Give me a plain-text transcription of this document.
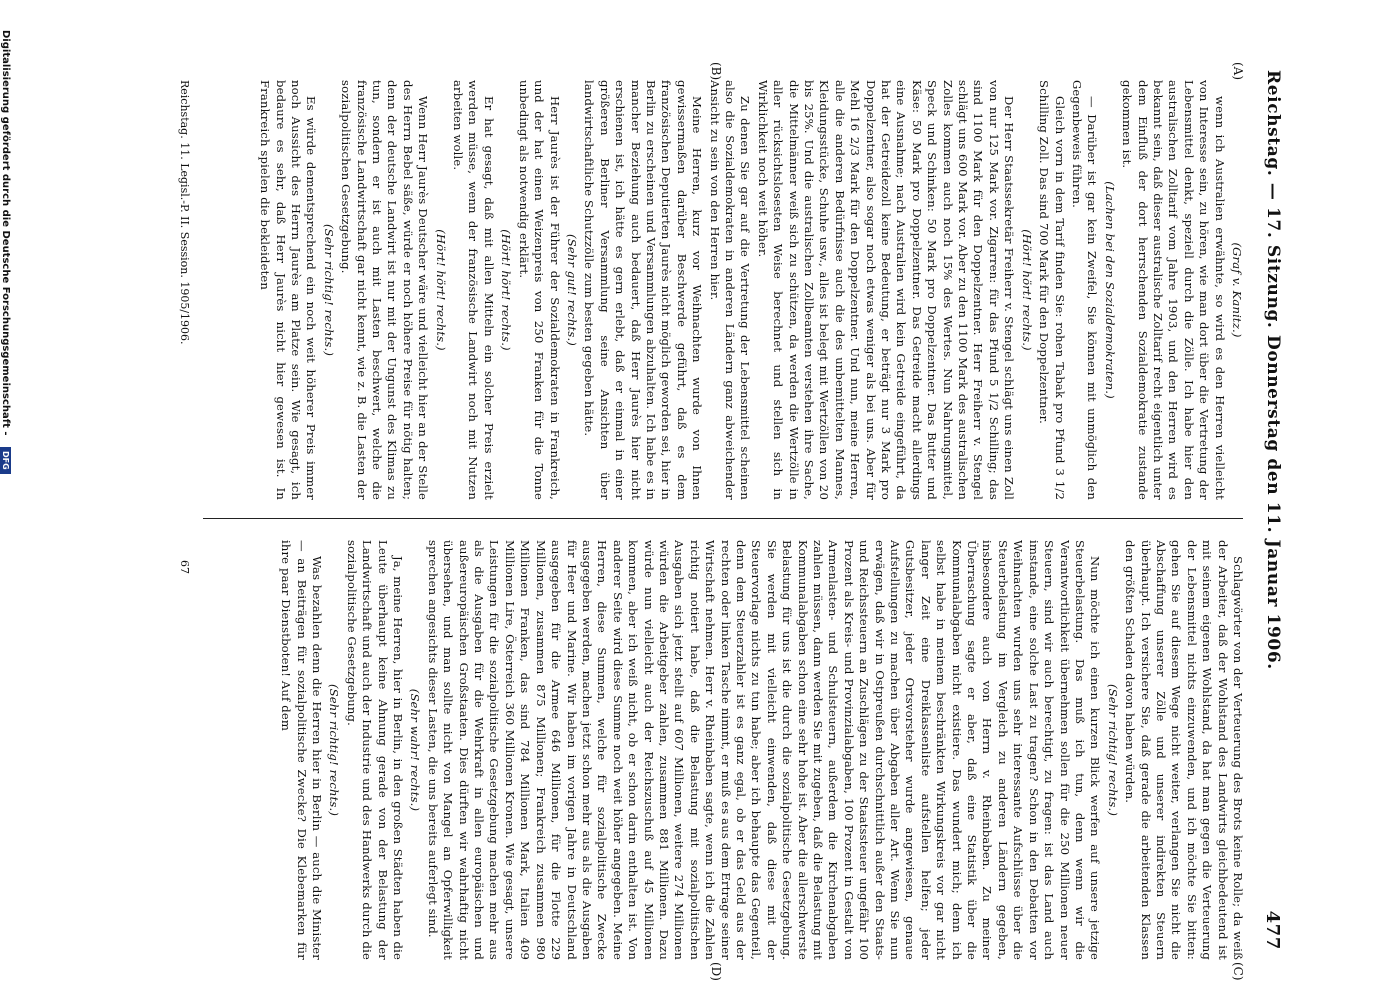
Reichstag. — 17. Sitzung. Donnerstag den 11. Januar 1906.
477
(A)
(B)
(C)
(D)

(Graf v. Kanitz.)

wenn ich Australien erwähnte, so wird es den Herren vielleicht von Interesse sein, zu hören, wie man dort über die Vertretung der Lebensmittel denkt, speziell durch die Zölle. Ich habe hier den australischen Zolltarif vom Jahre 1903, und den Herren wird es bekannt sein, daß dieser australische Zolltarif recht eigentlich unter dem Einfluß der dort herrschenden Sozialdemokratie zustande gekommen ist.

(Lachen bei den Sozialdemokraten.)

— Darüber ist gar kein Zweifel, Sie können mit unmöglich den Gegenbeweis führen.

Gleich vorn in dem Tarif finden Sie: rohen Tabak pro Pfund 3 1/2 Schilling Zoll. Das sind 700 Mark für den Doppelzentner.

(Hört! hört! rechts.)

Der Herr Staatssekretär Freiherr v. Stengel schlägt uns einen Zoll von nur 125 Mark vor. Zigarren: für das Pfund 5 1/2 Schilling; das sind 1100 Mark für den Doppelzentner. Herr Freiherr v. Stengel schlägt uns 600 Mark vor. Aber zu den 1100 Mark des australischen Zolles kommen auch noch 15% des Wertes. Nun Nahrungsmittel, Speck und Schinken: 50 Mark pro Doppelzentner. Das Butter und Käse: 50 Mark pro Doppelzentner. Das Getreide macht allerdings eine Ausnahme; nach Australien wird kein Getreide eingeführt, da hat der Getreidezoll keine Bedeutung, er beträgt nur 3 Mark pro Doppelzentner, also sogar noch etwas weniger als bei uns. Aber für Mehl 16 2/3 Mark für den Doppelzentner. Und nun, meine Herren, alle die anderen Bedürfnisse auch die des unbemittelten Mannes, Kleidungsstücke, Schuhe usw., alles ist belegt mit Wertzöllen von 20 bis 25%. Und die australischen Zollbeamten verstehen ihre Sache, die Mittelmänner weiß sich zu schützen, da werden die Wertzölle in aller rücksichtslosesten Weise berechnet und stellen sich in Wirklichkeit noch weit höher.

Zu denen Sie gar auf die Vertretung der Lebensmittel scheinen also die Sozialdemokraten in anderen Ländern ganz abweichender Ansicht zu sein von den Herren hier.

Meine Herren, kurz vor Weihnachten wurde von Ihnen gewissermaßen darüber Beschwerde geführt, daß es dem französischen Deputierten Jaurès nicht möglich geworden sei, hier in Berlin zu erscheinen und Versammlungen abzuhalten. Ich habe es in mancher Beziehung auch bedauert, daß Herr Jaurès hier nicht erschienen ist, ich hätte es gern erlebt, daß er einmal in einer größeren Berliner Versammlung seine Ansichten über landwirtschaftliche Schutzzölle zum besten gegeben hätte.

(Sehr gut! rechts.)

Herr Jaurès ist der Führer der Sozialdemokraten in Frankreich, und der hat einen Weizenpreis von 250 Franken für die Tonne unbedingt als notwendig erklärt.

(Hört! hört! rechts.)

Er hat gesagt, daß mit allen Mitteln ein solcher Preis erzielt werden müsse, wenn der französische Landwirt noch mit Nutzen arbeiten wolle.

(Hört! hört! rechts.)

Wenn Herr Jaurès Deutscher wäre und vielleicht hier an der Stelle des Herrn Bebel säße, würde er noch höhere Preise für nötig halten; denn der deutsche Landwirt ist nur mit der Ungunst des Klimas zu tun, sondern er ist auch mit Lasten beschwert, welche die französische Landwirtschaft gar nicht kennt, wie z. B. die Lasten der sozialpolitischen Gesetzgebung.

(Sehr richtig! rechts.)

Es würde dementsprechend ein noch weit höherer Preis immer noch Aussicht des Herrn Jaurès am Platze sein. Wie gesagt, ich bedaure es sehr, daß Herr Jaurès nicht hier gewesen ist. In Frankreich spielen die bekleideten

Schlagwörter von der Verteuerung des Brots keine Rolle; da weiß der Arbeiter, daß der Wohlstand des Landwirts gleichbedeutend ist mit seinem eigenen Wohlstand, da hat man gegen die Verteuerung der Lebensmittel nichts einzuwenden, und ich möchte Sie bitten: gehen Sie auf diesem Wege nicht weiter, verlangen Sie nicht die Abschaffung unserer Zölle und unserer indirekten Steuern überhaupt. Ich versichere Sie, daß gerade die arbeitenden Klassen den größten Schaden davon haben würden.

(Sehr richtig! rechts.)

Nun möchte ich einen kurzen Blick werfen auf unsere jetzige Steuerbelastung. Das muß ich tun, denn wenn wir die Verantwortlichkeit übernehmen sollen für die 250 Millionen neuer Steuern, sind wir auch berechtigt, zu fragen: ist das Land auch imstande, eine solche Last zu tragen? Schon in den Debatten vor Weihnachten wurden uns sehr interessante Aufschlüsse über die Steuerbelastung im Vergleich zu anderen Ländern gegeben, insbesondere auch von Herrn v. Rheinbaben. Zu meiner Überraschung sagte er aber, daß eine Statistik über die Kommunalabgaben nicht existiere. Das wundert mich; denn ich selbst habe in meinem beschränkten Wirkungskreis vor gar nicht langer Zeit eine Dreiklassenliste aufstellen helfen; jeder Gutsbesitzer, jeder Ortsvorsteher wurde angewiesen, genaue Aufstellungen zu machen über Abgaben aller Art. Wenn Sie nun erwägen, daß wir in Ostpreußen durchschnittlich außer den Staats- und Reichssteuern an Zuschlägen zu der Staatssteuer ungefähr 100 Prozent als Kreis- und Provinzialabgaben, 100 Prozent in Gestalt von Armenlasten- und Schulsteuern, außerdem die Kirchenabgaben zahlen müssen, dann werden Sie mit zugeben, daß die Belastung mit Kommunalabgaben schon eine sehr hohe ist. Aber die allerschwerste Belastung für uns ist die durch die sozialpolitische Gesetzgebung. Sie werden mit vielleicht einwenden, daß diese mit der Steuervorlage nichts zu tun habe; aber ich behaupte das Gegenteil, denn dem Steuerzahler ist es ganz egal, ob er das Geld aus der rechten oder linken Tasche nimmt, er muß es aus dem Ertrage seiner Wirtschaft nehmen. Herr v. Rheinbaben sagte, wenn ich die Zahlen richtig notiert habe, daß die Belastung mit sozialpolitischen Ausgaben sich jetzt stellt auf 607 Millionen, weitere 274 Millionen würden die Arbeitgeber zahlen, zusammen 881 Millionen. Dazu würde nun vielleicht auch der Reichszuschuß auf 45 Millionen kommen, aber ich weiß nicht, ob er schon darin enthalten ist. Von anderer Seite wird diese Summe noch weit höher angegeben. Meine Herren, diese Summen, welche für sozialpolitische Zwecke ausgegeben werden, machen jetzt schon mehr aus als die Ausgaben für Heer und Marine. Wir haben im vorigen Jahre in Deutschland ausgegeben für die Armee 646 Millionen, für die Flotte 229 Millionen, zusammen 875 Millionen; Frankreich zusammen 980 Millionen Franken, das sind 784 Millionen Mark, Italien 409 Millionen Lire, Österreich 360 Millionen Kronen. Wie gesagt, unsere Leistungen für die sozialpolitische Gesetzgebung machen mehr aus als die Ausgaben für die Wehrkraft in allen europäischen und außereuropäischen Großstaaten. Dies dürften wir wahrhaftig nicht übersehen, und man sollte nicht von Mangel an Opferwilligkeit sprechen angesichts dieser Lasten, die uns bereits auferlegt sind.

(Sehr wahr! rechts.)

Ja, meine Herren, hier in Berlin, in den großen Städten haben die Leute überhaupt keine Ahnung gerade von der Belastung der Landwirtschaft und auch der Industrie und des Handwerks durch die sozialpolitische Gesetzgebung.

(Sehr richtig! rechts.)

Was bezahlen denn die Herren hier in Berlin — auch die Minister — an Beiträgen für sozialpolitische Zwecke? Die Klebemarken für ihre paar Dienstboten! Auf dem

Reichstag. 11. Legisl.-P. II. Session. 1905/1906.
67
Digitalisierung gefördert durch die Deutsche Forschungsgemeinschaft - DFG
